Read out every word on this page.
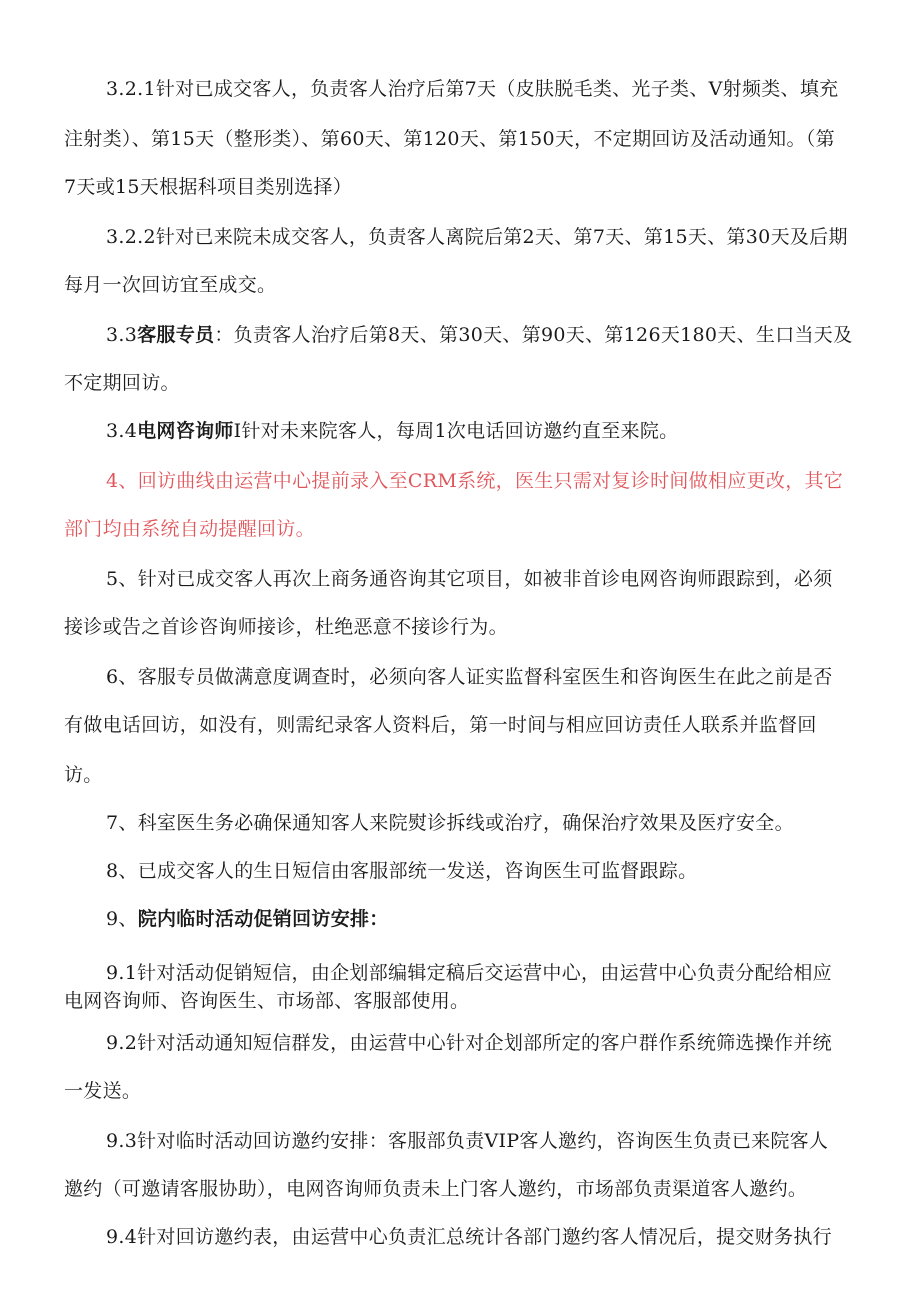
3.2.1针对已成交客人，负责客人治疗后第7天（皮肤脱毛类、光子类、V射频类、填充
注射类）、第15天（整形类）、第60天、第120天、第150天，不定期回访及活动通知。（第
7天或15天根据科项目类别选择）
3.2.2针对已来院未成交客人，负责客人离院后第2天、第7天、第15天、第30天及后期
每月一次回访宜至成交。
3.3客服专员：负责客人治疗后第8天、第30天、第90天、第126天180天、生口当天及
不定期回访。
3.4电网咨询师I针对未来院客人，每周1次电话回访邀约直至来院。
4、回访曲线由运营中心提前录入至CRM系统，医生只需对复诊时间做相应更改，其它
部门均由系统自动提醒回访。
5、针对已成交客人再次上商务通咨询其它项目，如被非首诊电网咨询师跟踪到，必须
接诊或告之首诊咨询师接诊，杜绝恶意不接诊行为。
6、客服专员做满意度调查时，必须向客人证实监督科室医生和咨询医生在此之前是否
有做电话回访，如没有，则需纪录客人资料后，第一时间与相应回访责任人联系并监督回
访。
7、科室医生务必确保通知客人来院熨诊拆线或治疗，确保治疗效果及医疗安全。
8、已成交客人的生日短信由客服部统一发送，咨询医生可监督跟踪。
9、院内临时活动促销回访安排：
9.1针对活动促销短信，由企划部编辑定稿后交运营中心，由运营中心负责分配给相应
电网咨询师、咨询医生、市场部、客服部使用。
9.2针对活动通知短信群发，由运营中心针对企划部所定的客户群作系统筛选操作并统
一发送。
9.3针对临时活动回访邀约安排：客服部负责VIP客人邀约，咨询医生负责已来院客人
邀约（可邀请客服协助），电网咨询师负责未上门客人邀约，市场部负责渠道客人邀约。
9.4针对回访邀约表，由运营中心负责汇总统计各部门邀约客人情况后，提交财务执行
